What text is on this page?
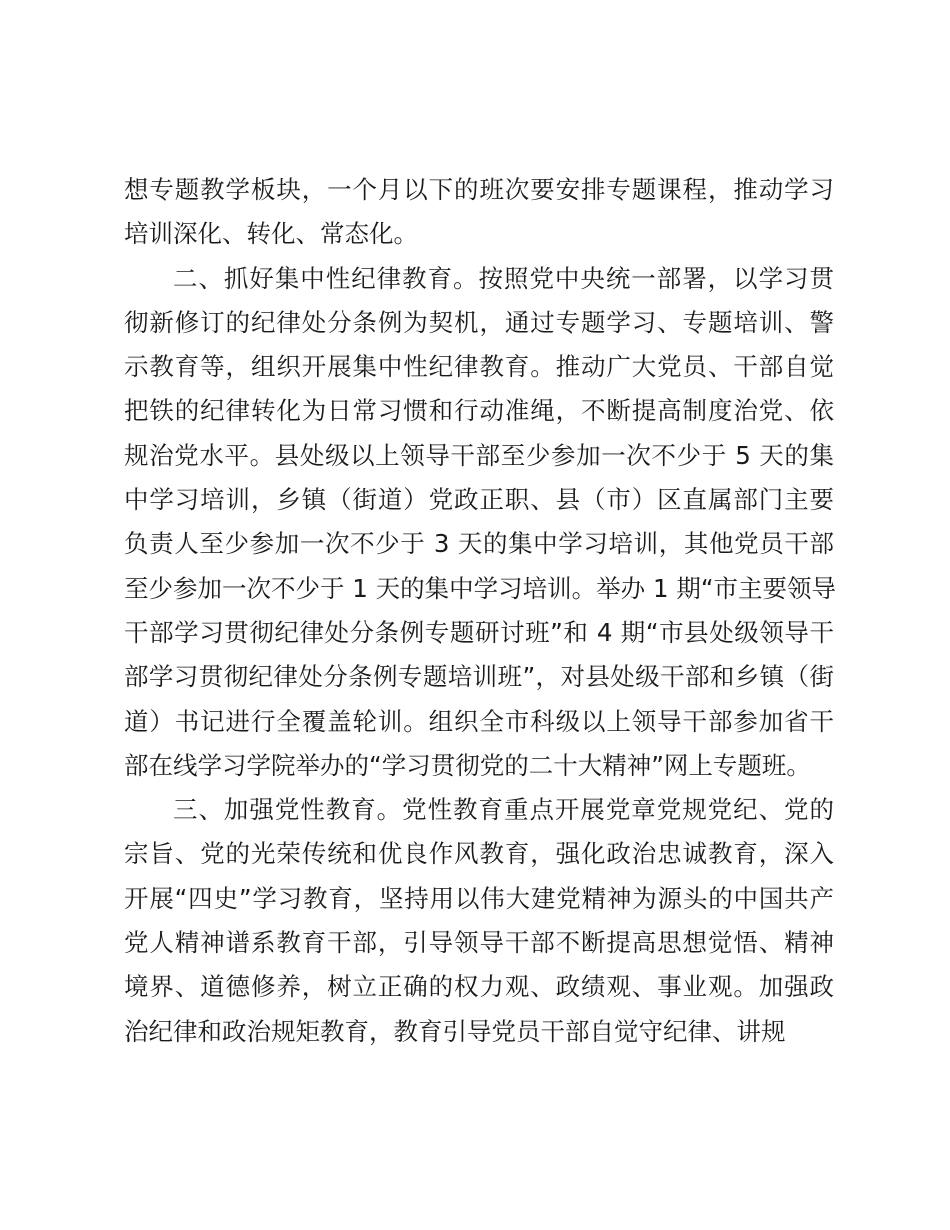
想专题教学板块，一个月以下的班次要安排专题课程，推动学习
培训深化、转化、常态化。
二、抓好集中性纪律教育。按照党中央统一部署，以学习贯
彻新修订的纪律处分条例为契机，通过专题学习、专题培训、警
示教育等，组织开展集中性纪律教育。推动广大党员、干部自觉
把铁的纪律转化为日常习惯和行动准绳，不断提高制度治党、依
规治党水平。县处级以上领导干部至少参加一次不少于 5 天的集
中学习培训，乡镇（街道）党政正职、县（市）区直属部门主要
负责人至少参加一次不少于 3 天的集中学习培训，其他党员干部
至少参加一次不少于 1 天的集中学习培训。举办 1 期“市主要领导
干部学习贯彻纪律处分条例专题研讨班”和 4 期“市县处级领导干
部学习贯彻纪律处分条例专题培训班”，对县处级干部和乡镇（街
道）书记进行全覆盖轮训。组织全市科级以上领导干部参加省干
部在线学习学院举办的“学习贯彻党的二十大精神”网上专题班。
三、加强党性教育。党性教育重点开展党章党规党纪、党的
宗旨、党的光荣传统和优良作风教育，强化政治忠诚教育，深入
开展“四史”学习教育，坚持用以伟大建党精神为源头的中国共产
党人精神谱系教育干部，引导领导干部不断提高思想觉悟、精神
境界、道德修养，树立正确的权力观、政绩观、事业观。加强政
治纪律和政治规矩教育，教育引导党员干部自觉守纪律、讲规
